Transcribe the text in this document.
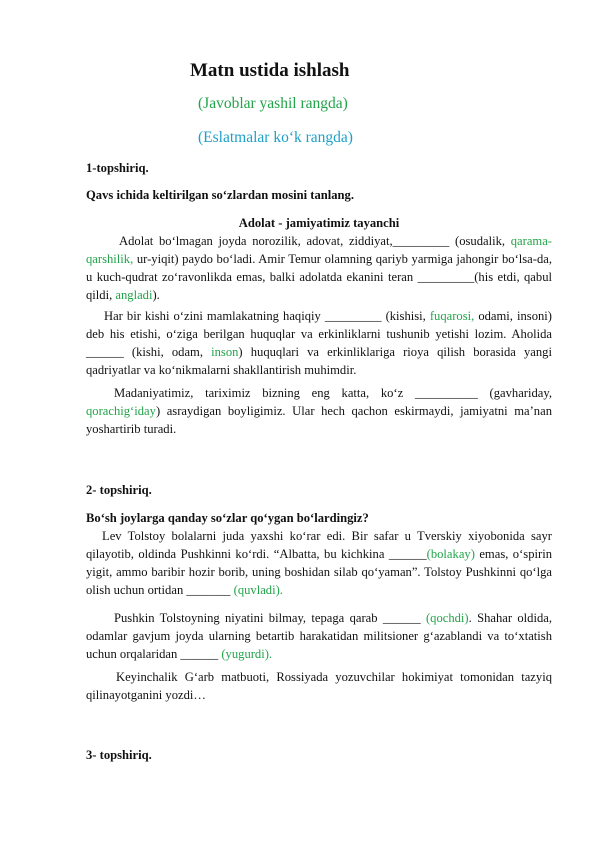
Matn ustida ishlash
(Javoblar yashil rangda)
(Eslatmalar ko‘k rangda)
1-topshiriq.
Qavs ichida keltirilgan so‘zlardan mosini tanlang.
Adolat - jamiyatimiz tayanchi

Adolat bo‘lmagan joyda norozilik, adovat, ziddiyat,_________ (osudalik, qarama-qarshilik, ur-yiqit) paydo bo‘ladi. Amir Temur olamning qariyb yarmiga jahongir bo‘lsa-da, u kuch-qudrat zo‘ravonlikda emas, balki adolatda ekanini teran _________(his etdi, qabul qildi, angladi).

Har bir kishi o‘zini mamlakatning haqiqiy _________ (kishisi, fuqarosi, odami, insoni) deb his etishi, o‘ziga berilgan huquqlar va erkinliklarni tushunib yetishi lozim. Aholida ______ (kishi, odam, inson) huquqlari va erkinliklariga rioya qilish borasida yangi qadriyatlar va ko‘nikmalarni shakllantirish muhimdir.

Madaniyatimiz, tariximiz bizning eng katta, ko‘z __________ (gavhariday, qorachig‘iday) asraydigan boyligimiz. Ular hech qachon eskirmaydi, jamiyatni ma’nan yoshartirib turadi.

2- topshiriq.
Bo‘sh joylarga qanday so‘zlar qo‘ygan bo‘lardingiz?

Lev Tolstoy bolalarni juda yaxshi ko‘rar edi. Bir safar u Tverskiy xiyobonida sayr qilayotib, oldinda Pushkinni ko‘rdi. “Albatta, bu kichkina ______(bolakay) emas, o‘spirin yigit, ammo baribir hozir borib, uning boshidan silab qo‘yaman”. Tolstoy Pushkinni qo‘lga olish uchun ortidan _______ (quvladi).

Pushkin Tolstoyning niyatini bilmay, tepaga qarab ______ (qochdi). Shahar oldida, odamlar gavjum joyda ularning betartib harakatidan militsioner g‘azablandi va to‘xtatish uchun orqalaridan ______ (yugurdi).

Keyinchalik G‘arb matbuoti, Rossiyada yozuvchilar hokimiyat tomonidan tazyiq qilinayotganini yozdi…

3- topshiriq.
